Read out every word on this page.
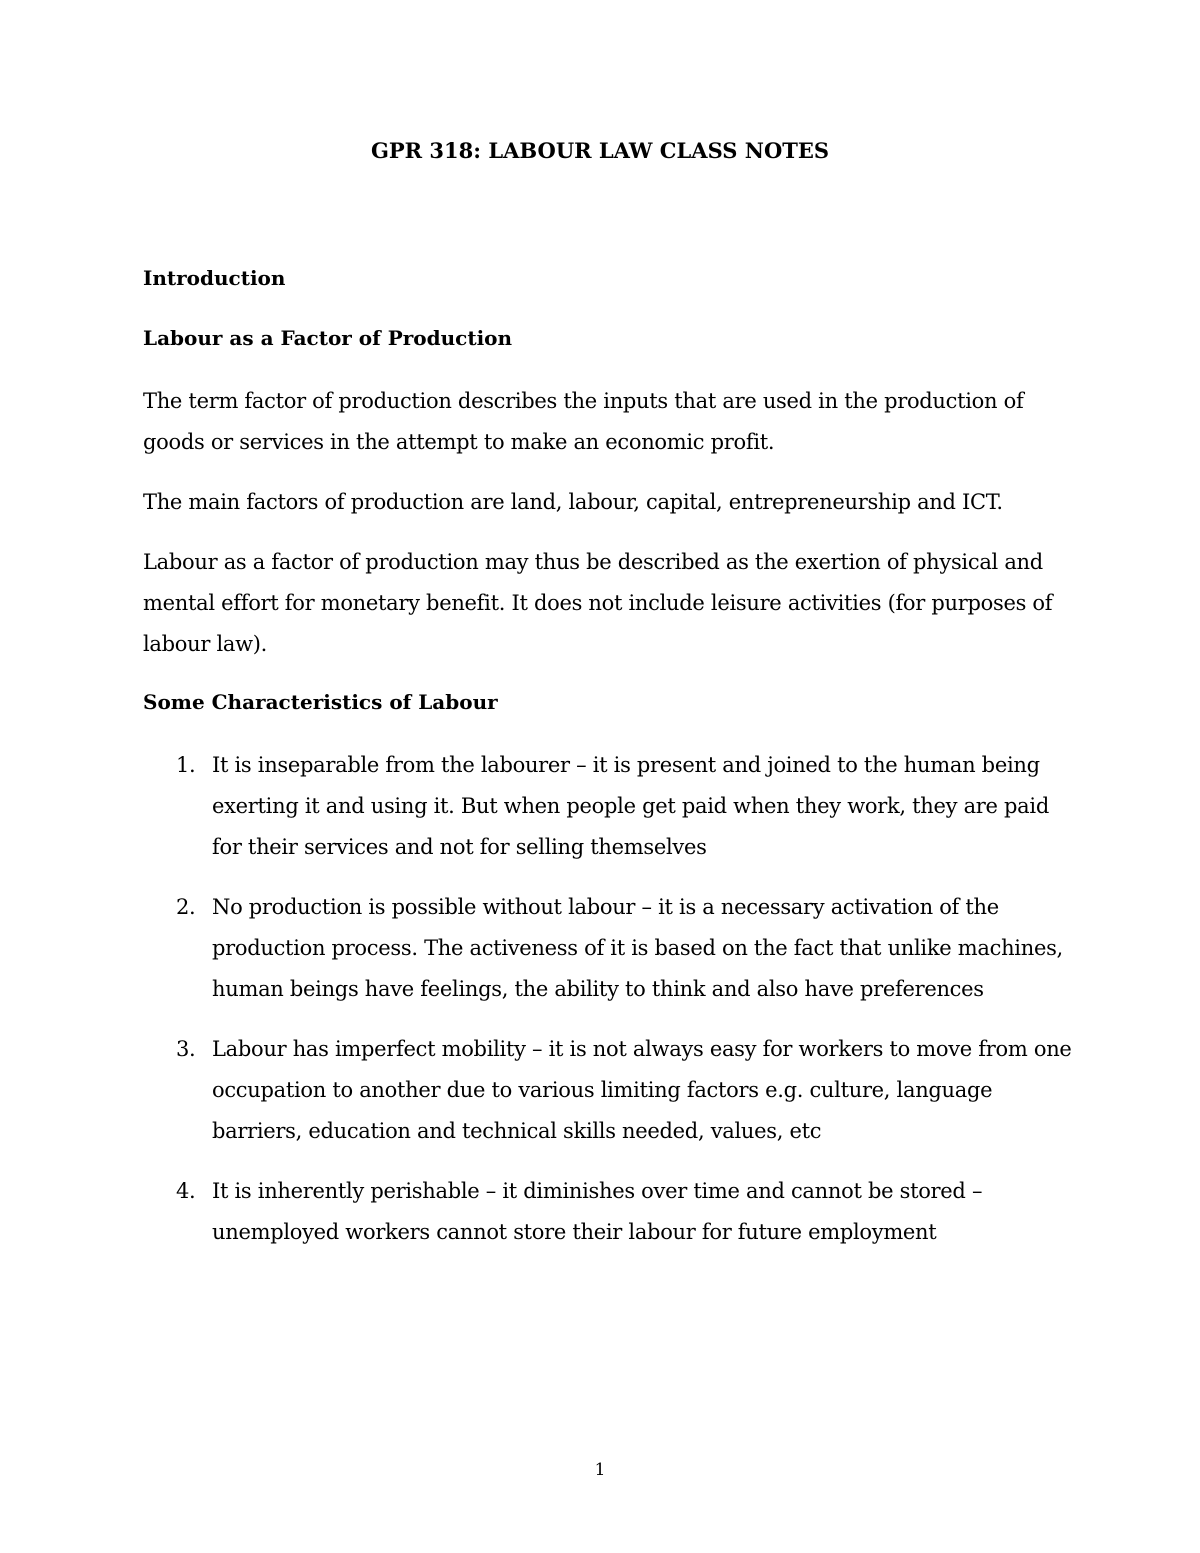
GPR 318: LABOUR LAW CLASS NOTES
Introduction
Labour as a Factor of Production

The term factor of production describes the inputs that are used in the production of goods or services in the attempt to make an economic profit.

The main factors of production are land, labour, capital, entrepreneurship and ICT.

Labour as a factor of production may thus be described as the exertion of physical and mental effort for monetary benefit. It does not include leisure activities (for purposes of labour law).

Some Characteristics of Labour
1. It is inseparable from the labourer – it is present and joined to the human being exerting it and using it. But when people get paid when they work, they are paid for their services and not for selling themselves
2. No production is possible without labour – it is a necessary activation of the production process. The activeness of it is based on the fact that unlike machines, human beings have feelings, the ability to think and also have preferences
3. Labour has imperfect mobility – it is not always easy for workers to move from one occupation to another due to various limiting factors e.g. culture, language barriers, education and technical skills needed, values, etc
4. It is inherently perishable – it diminishes over time and cannot be stored – unemployed workers cannot store their labour for future employment
1
